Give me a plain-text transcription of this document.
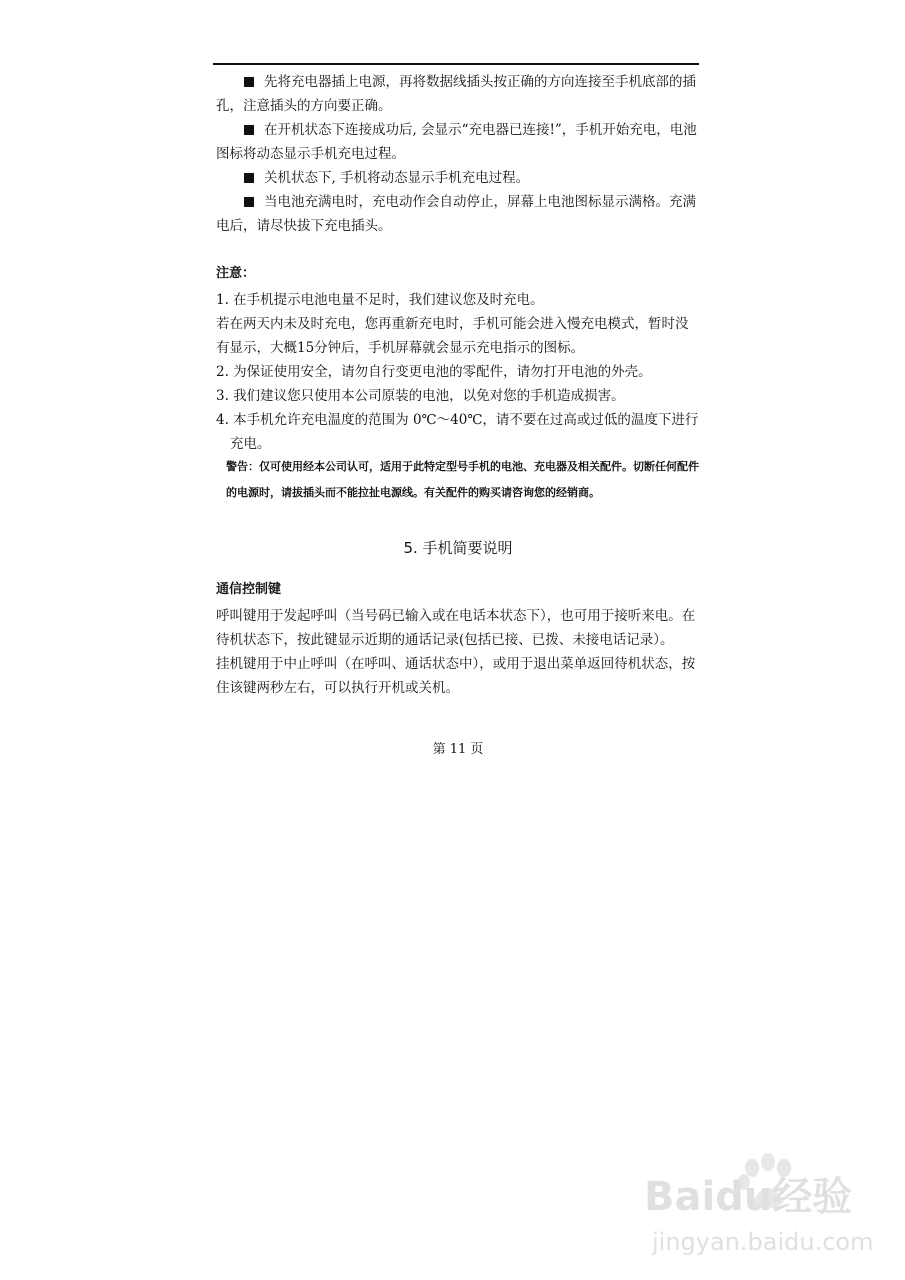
先将充电器插上电源，再将数据线插头按正确的方向连接至手机底部的插孔，注意插头的方向要正确。

在开机状态下连接成功后, 会显示“充电器已连接!”，手机开始充电，电池图标将动态显示手机充电过程。

关机状态下, 手机将动态显示手机充电过程。

当电池充满电时，充电动作会自动停止，屏幕上电池图标显示满格。充满电后，请尽快拔下充电插头。

注意：

1. 在手机提示电池电量不足时，我们建议您及时充电。

若在两天内未及时充电，您再重新充电时，手机可能会进入慢充电模式，暂时没有显示，大概15分钟后，手机屏幕就会显示充电指示的图标。

2. 为保证使用安全，请勿自行变更电池的零配件，请勿打开电池的外壳。

3. 我们建议您只使用本公司原装的电池，以免对您的手机造成损害。

4. 本手机允许充电温度的范围为 0℃～40℃，请不要在过高或过低的温度下进行充电。

警告：仅可使用经本公司认可，适用于此特定型号手机的电池、充电器及相关配件。切断任何配件的电源时，请拔插头而不能拉扯电源线。有关配件的购买请咨询您的经销商。
5. 手机简要说明

通信控制键

呼叫键用于发起呼叫（当号码已输入或在电话本状态下），也可用于接听来电。在待机状态下，按此键显示近期的通话记录(包括已接、已拨、未接电话记录）。

挂机键用于中止呼叫（在呼叫、通话状态中），或用于退出菜单返回待机状态，按住该键两秒左右，可以执行开机或关机。

第 11 页
Baidu经验
jingyan.baidu.com
